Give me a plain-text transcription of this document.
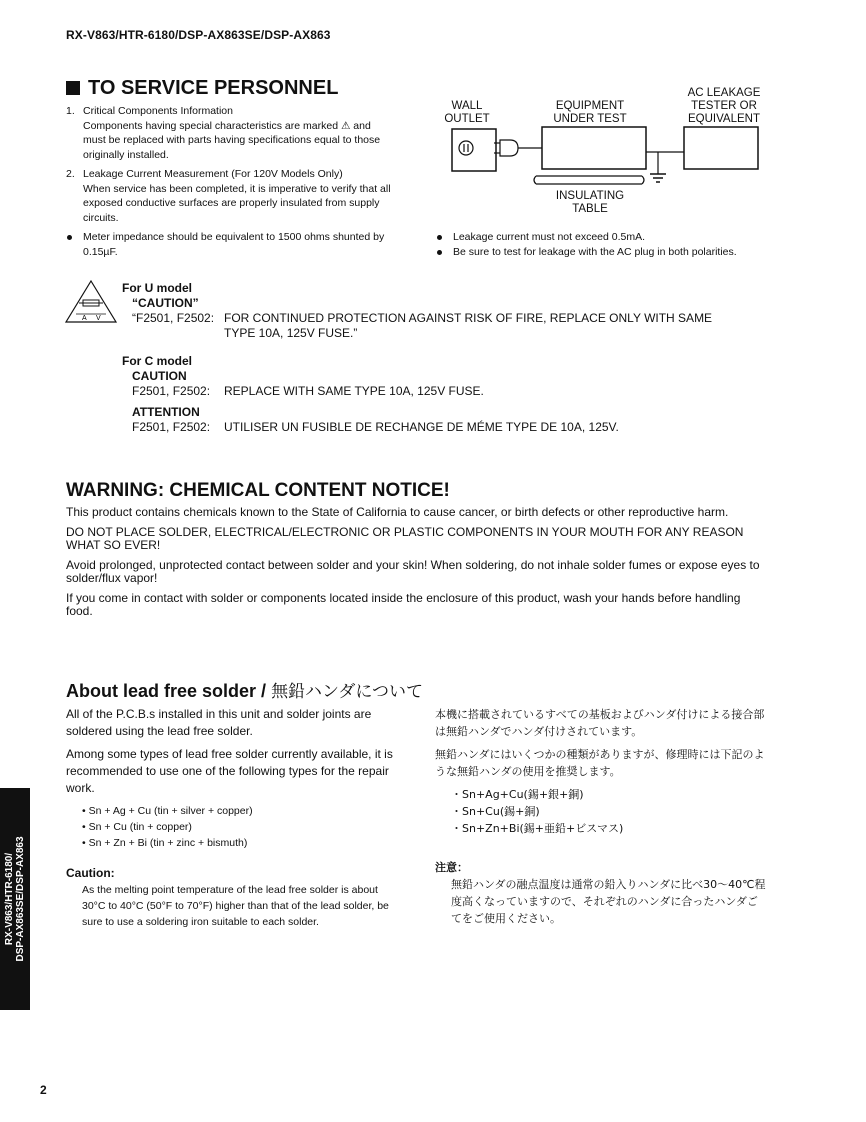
RX-V863/HTR-6180/DSP-AX863SE/DSP-AX863
TO SERVICE PERSONNEL
1. Critical Components Information
Components having special characteristics are marked ⚠ and must be replaced with parts having specifications equal to those originally installed.
2. Leakage Current Measurement (For 120V Models Only)
When service has been completed, it is imperative to verify that all exposed conductive surfaces are properly insulated from supply circuits.
Meter impedance should be equivalent to 1500 ohms shunted by 0.15µF.
WALL
OUTLET
EQUIPMENT
UNDER TEST
AC LEAKAGE
TESTER OR
EQUIVALENT
INSULATING
TABLE
Leakage current must not exceed 0.5mA.
Be sure to test for leakage with the AC plug in both polarities.
A V
For U model
“CAUTION”
“F2501, F2502: FOR CONTINUED PROTECTION AGAINST RISK OF FIRE, REPLACE ONLY WITH SAME
TYPE 10A, 125V FUSE.”
For C model
CAUTION
F2501, F2502:	REPLACE WITH SAME TYPE 10A, 125V FUSE.
ATTENTION
F2501, F2502:	UTILISER UN FUSIBLE DE RECHANGE DE MÉME TYPE DE 10A, 125V.
WARNING: CHEMICAL CONTENT NOTICE!

This product contains chemicals known to the State of California to cause cancer, or birth defects or other reproductive harm.

DO NOT PLACE SOLDER, ELECTRICAL/ELECTRONIC OR PLASTIC COMPONENTS IN YOUR MOUTH FOR ANY REASON WHAT SO EVER!

Avoid prolonged, unprotected contact between solder and your skin! When soldering, do not inhale solder fumes or expose eyes to solder/flux vapor!

If you come in contact with solder or components located inside the enclosure of this product, wash your hands before handling food.

About lead free solder / 無鉛ハンダについて

All of the P.C.B.s installed in this unit and solder joints are soldered using the lead free solder.

Among some types of lead free solder currently available, it is recommended to use one of the following types for the repair work.

• Sn + Ag + Cu (tin + silver + copper)
• Sn + Cu (tin + copper)
• Sn + Zn + Bi (tin + zinc + bismuth)
Caution:
As the melting point temperature of the lead free solder is about 30°C to 40°C (50°F to 70°F) higher than that of the lead solder, be sure to use a soldering iron suitable to each solder.

本機に搭載されているすべての基板およびハンダ付けによる接合部は無鉛ハンダでハンダ付けされています。

無鉛ハンダにはいくつかの種類がありますが、修理時には下記のような無鉛ハンダの使用を推奨します。

・Sn+Ag+Cu(錫+銀+銅)
・Sn+Cu(錫+銅)
・Sn+Zn+Bi(錫+亜鉛+ビスマス)
注意：
無鉛ハンダの融点温度は通常の鉛入りハンダに比べ30〜40℃程度高くなっていますので、それぞれのハンダに合ったハンダごてをご使用ください。
RX-V863/HTR-6180/ DSP-AX863SE/DSP-AX863
2
